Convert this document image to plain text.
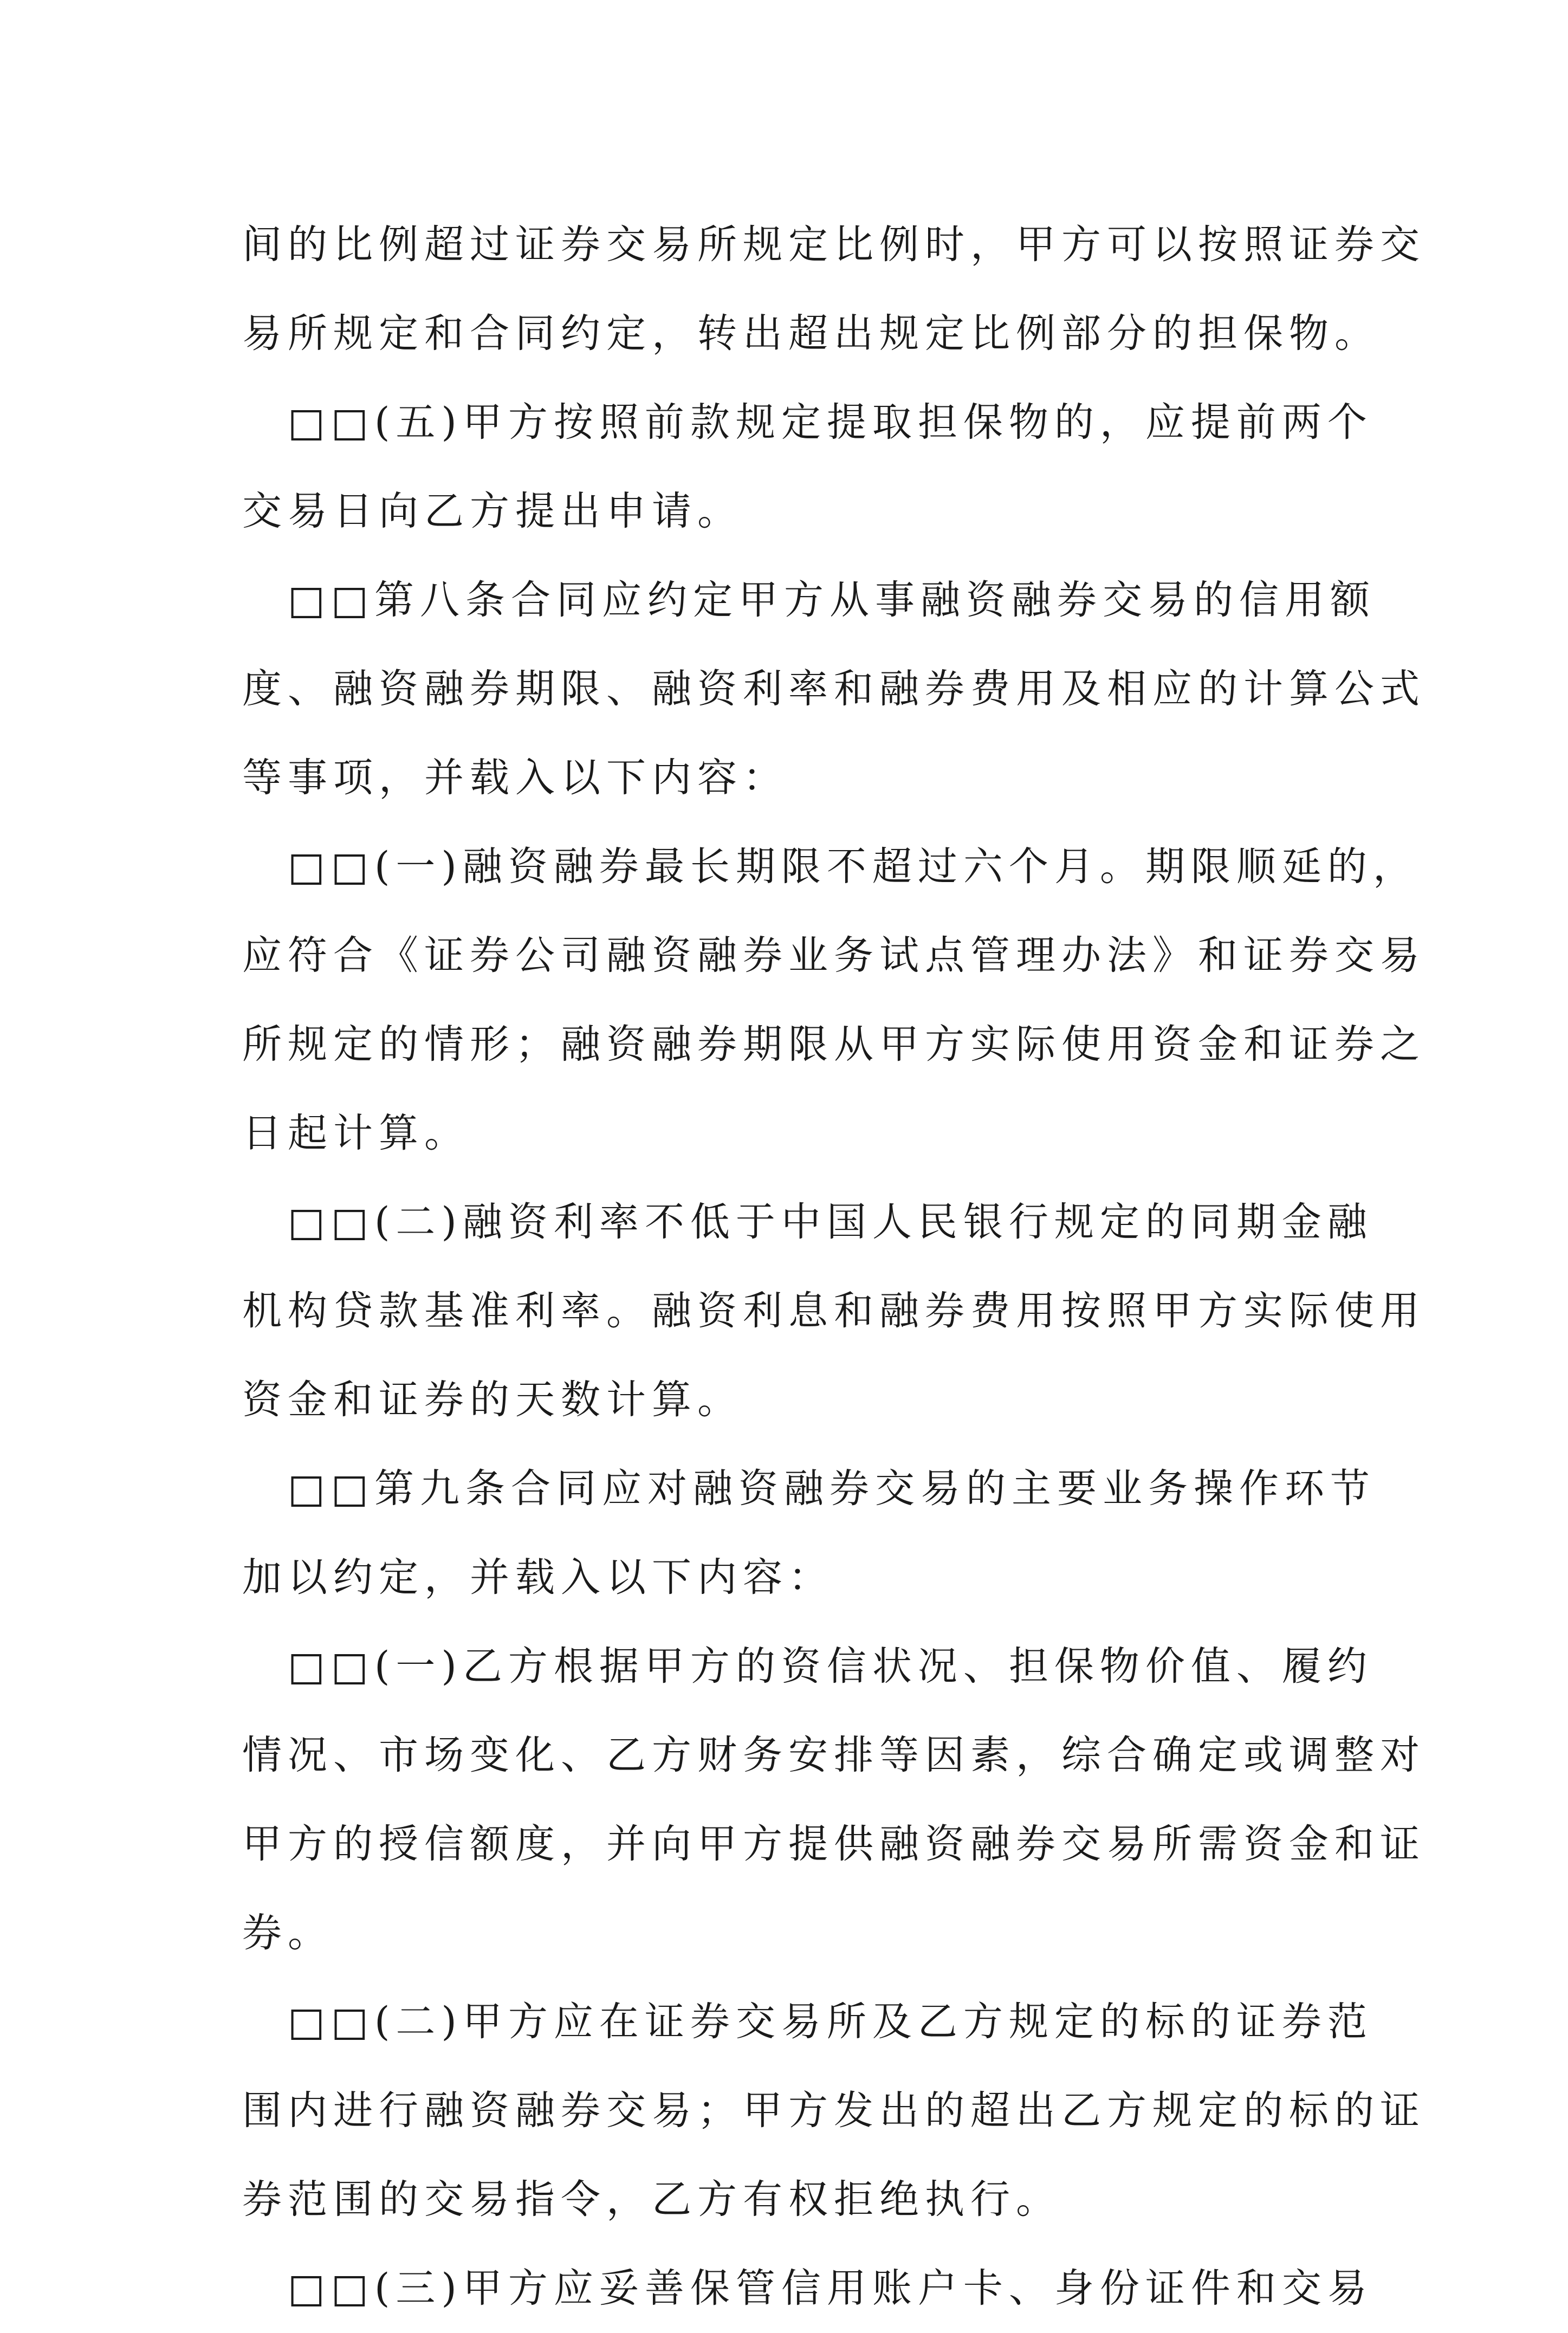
间的比例超过证券交易所规定比例时，甲方可以按照证券交
易所规定和合同约定，转出超出规定比例部分的担保物。
　□□(五)甲方按照前款规定提取担保物的，应提前两个
交易日向乙方提出申请。
　□□第八条合同应约定甲方从事融资融券交易的信用额
度、融资融券期限、融资利率和融券费用及相应的计算公式
等事项，并载入以下内容：
　□□(一)融资融券最长期限不超过六个月。期限顺延的，
应符合《证券公司融资融券业务试点管理办法》和证券交易
所规定的情形；融资融券期限从甲方实际使用资金和证券之
日起计算。
　□□(二)融资利率不低于中国人民银行规定的同期金融
机构贷款基准利率。融资利息和融券费用按照甲方实际使用
资金和证券的天数计算。
　□□第九条合同应对融资融券交易的主要业务操作环节
加以约定，并载入以下内容：
　□□(一)乙方根据甲方的资信状况、担保物价值、履约
情况、市场变化、乙方财务安排等因素，综合确定或调整对
甲方的授信额度，并向甲方提供融资融券交易所需资金和证
券。
　□□(二)甲方应在证券交易所及乙方规定的标的证券范
围内进行融资融券交易；甲方发出的超出乙方规定的标的证
券范围的交易指令，乙方有权拒绝执行。
　□□(三)甲方应妥善保管信用账户卡、身份证件和交易
